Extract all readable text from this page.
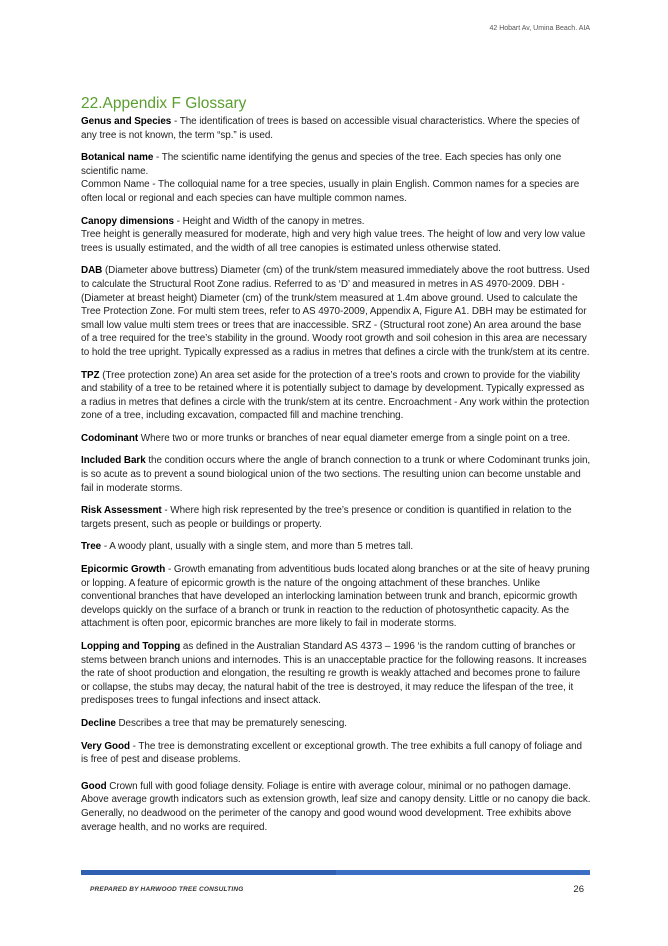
42 Hobart Av, Umina Beach. AIA
22.Appendix F Glossary

Genus and Species - The identification of trees is based on accessible visual characteristics. Where the species of any tree is not known, the term “sp.” is used.

Botanical name - The scientific name identifying the genus and species of the tree. Each species has only one scientific name.

Common Name - The colloquial name for a tree species, usually in plain English. Common names for a species are often local or regional and each species can have multiple common names.

Canopy dimensions - Height and Width of the canopy in metres.

Tree height is generally measured for moderate, high and very high value trees. The height of low and very low value trees is usually estimated, and the width of all tree canopies is estimated unless otherwise stated.

DAB (Diameter above buttress) Diameter (cm) of the trunk/stem measured immediately above the root buttress. Used to calculate the Structural Root Zone radius. Referred to as ‘D’ and measured in metres in AS 4970-2009. DBH - (Diameter at breast height) Diameter (cm) of the trunk/stem measured at 1.4m above ground. Used to calculate the Tree Protection Zone. For multi stem trees, refer to AS 4970-2009, Appendix A, Figure A1. DBH may be estimated for small low value multi stem trees or trees that are inaccessible. SRZ - (Structural root zone) An area around the base of a tree required for the tree’s stability in the ground. Woody root growth and soil cohesion in this area are necessary to hold the tree upright. Typically expressed as a radius in metres that defines a circle with the trunk/stem at its centre.

TPZ (Tree protection zone) An area set aside for the protection of a tree’s roots and crown to provide for the viability and stability of a tree to be retained where it is potentially subject to damage by development. Typically expressed as a radius in metres that defines a circle with the trunk/stem at its centre. Encroachment - Any work within the protection zone of a tree, including excavation, compacted fill and machine trenching.

Codominant Where two or more trunks or branches of near equal diameter emerge from a single point on a tree.

Included Bark the condition occurs where the angle of branch connection to a trunk or where Codominant trunks join, is so acute as to prevent a sound biological union of the two sections. The resulting union can become unstable and fail in moderate storms.

Risk Assessment - Where high risk represented by the tree’s presence or condition is quantified in relation to the targets present, such as people or buildings or property.

Tree - A woody plant, usually with a single stem, and more than 5 metres tall.

Epicormic Growth - Growth emanating from adventitious buds located along branches or at the site of heavy pruning or lopping. A feature of epicormic growth is the nature of the ongoing attachment of these branches. Unlike conventional branches that have developed an interlocking lamination between trunk and branch, epicormic growth develops quickly on the surface of a branch or trunk in reaction to the reduction of photosynthetic capacity. As the attachment is often poor, epicormic branches are more likely to fail in moderate storms.

Lopping and Topping as defined in the Australian Standard AS 4373 – 1996 ‘is the random cutting of branches or stems between branch unions and internodes. This is an unacceptable practice for the following reasons. It increases the rate of shoot production and elongation, the resulting re growth is weakly attached and becomes prone to failure or collapse, the stubs may decay, the natural habit of the tree is destroyed, it may reduce the lifespan of the tree, it predisposes trees to fungal infections and insect attack.

Decline Describes a tree that may be prematurely senescing.

Very Good - The tree is demonstrating excellent or exceptional growth. The tree exhibits a full canopy of foliage and is free of pest and disease problems.

Good Crown full with good foliage density. Foliage is entire with average colour, minimal or no pathogen damage. Above average growth indicators such as extension growth, leaf size and canopy density. Little or no canopy die back. Generally, no deadwood on the perimeter of the canopy and good wound wood development. Tree exhibits above average health, and no works are required.

PREPARED BY HARWOOD TREE CONSULTING	26
